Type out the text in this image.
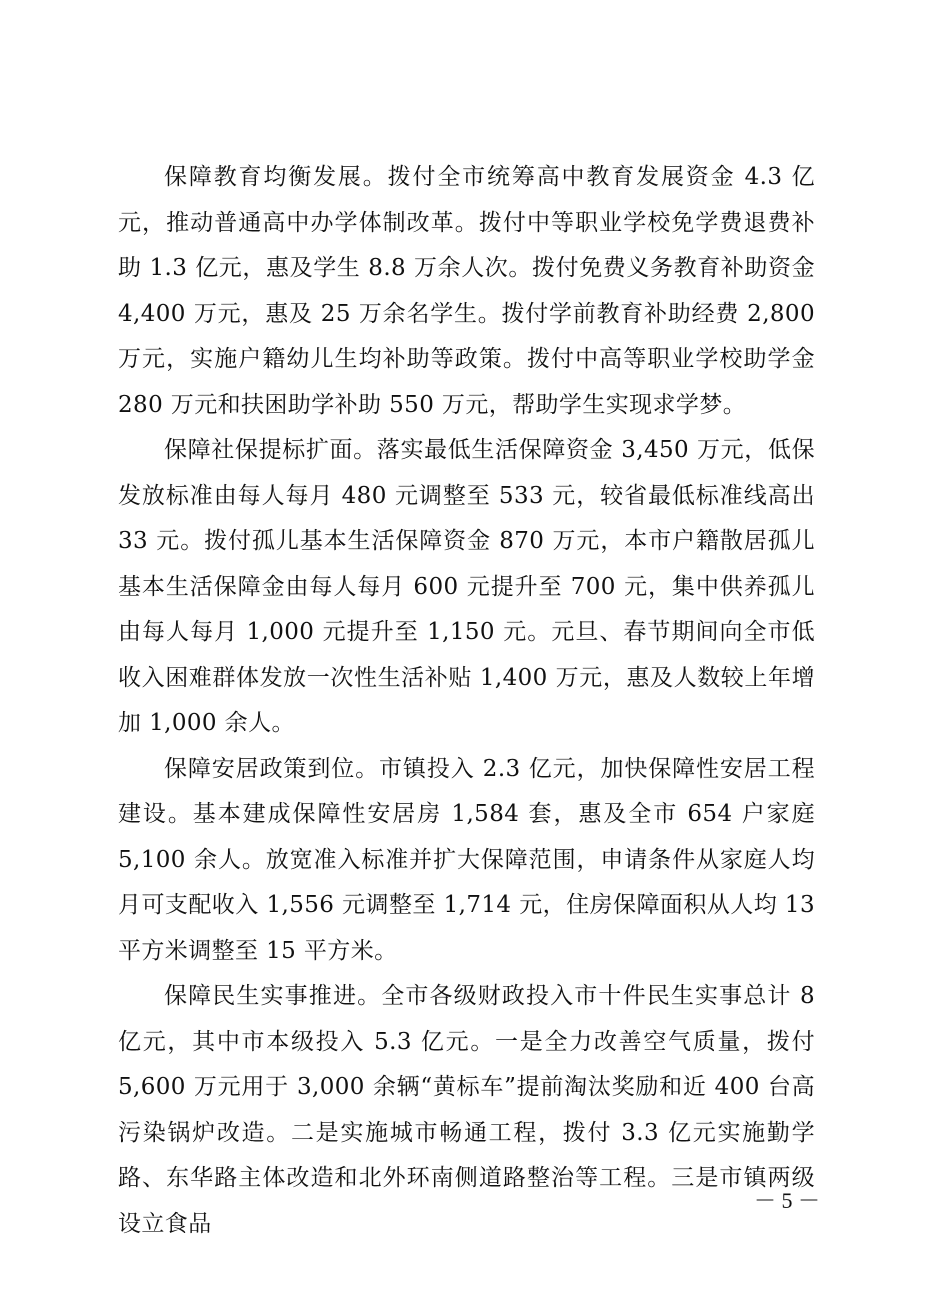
保障教育均衡发展。拨付全市统筹高中教育发展资金 4.3 亿元，推动普通高中办学体制改革。拨付中等职业学校免学费退费补助 1.3 亿元，惠及学生 8.8 万余人次。拨付免费义务教育补助资金 4,400 万元，惠及 25 万余名学生。拨付学前教育补助经费 2,800 万元，实施户籍幼儿生均补助等政策。拨付中高等职业学校助学金 280 万元和扶困助学补助 550 万元，帮助学生实现求学梦。

保障社保提标扩面。落实最低生活保障资金 3,450 万元，低保发放标准由每人每月 480 元调整至 533 元，较省最低标准线高出 33 元。拨付孤儿基本生活保障资金 870 万元，本市户籍散居孤儿基本生活保障金由每人每月 600 元提升至 700 元，集中供养孤儿由每人每月 1,000 元提升至 1,150 元。元旦、春节期间向全市低收入困难群体发放一次性生活补贴 1,400 万元，惠及人数较上年增加 1,000 余人。

保障安居政策到位。市镇投入 2.3 亿元，加快保障性安居工程建设。基本建成保障性安居房 1,584 套，惠及全市 654 户家庭 5,100 余人。放宽准入标准并扩大保障范围，申请条件从家庭人均月可支配收入 1,556 元调整至 1,714 元，住房保障面积从人均 13 平方米调整至 15 平方米。

保障民生实事推进。全市各级财政投入市十件民生实事总计 8 亿元，其中市本级投入 5.3 亿元。一是全力改善空气质量，拨付 5,600 万元用于 3,000 余辆“黄标车”提前淘汰奖励和近 400 台高污染锅炉改造。二是实施城市畅通工程，拨付 3.3 亿元实施勤学路、东华路主体改造和北外环南侧道路整治等工程。三是市镇两级设立食品

－ 5 －
